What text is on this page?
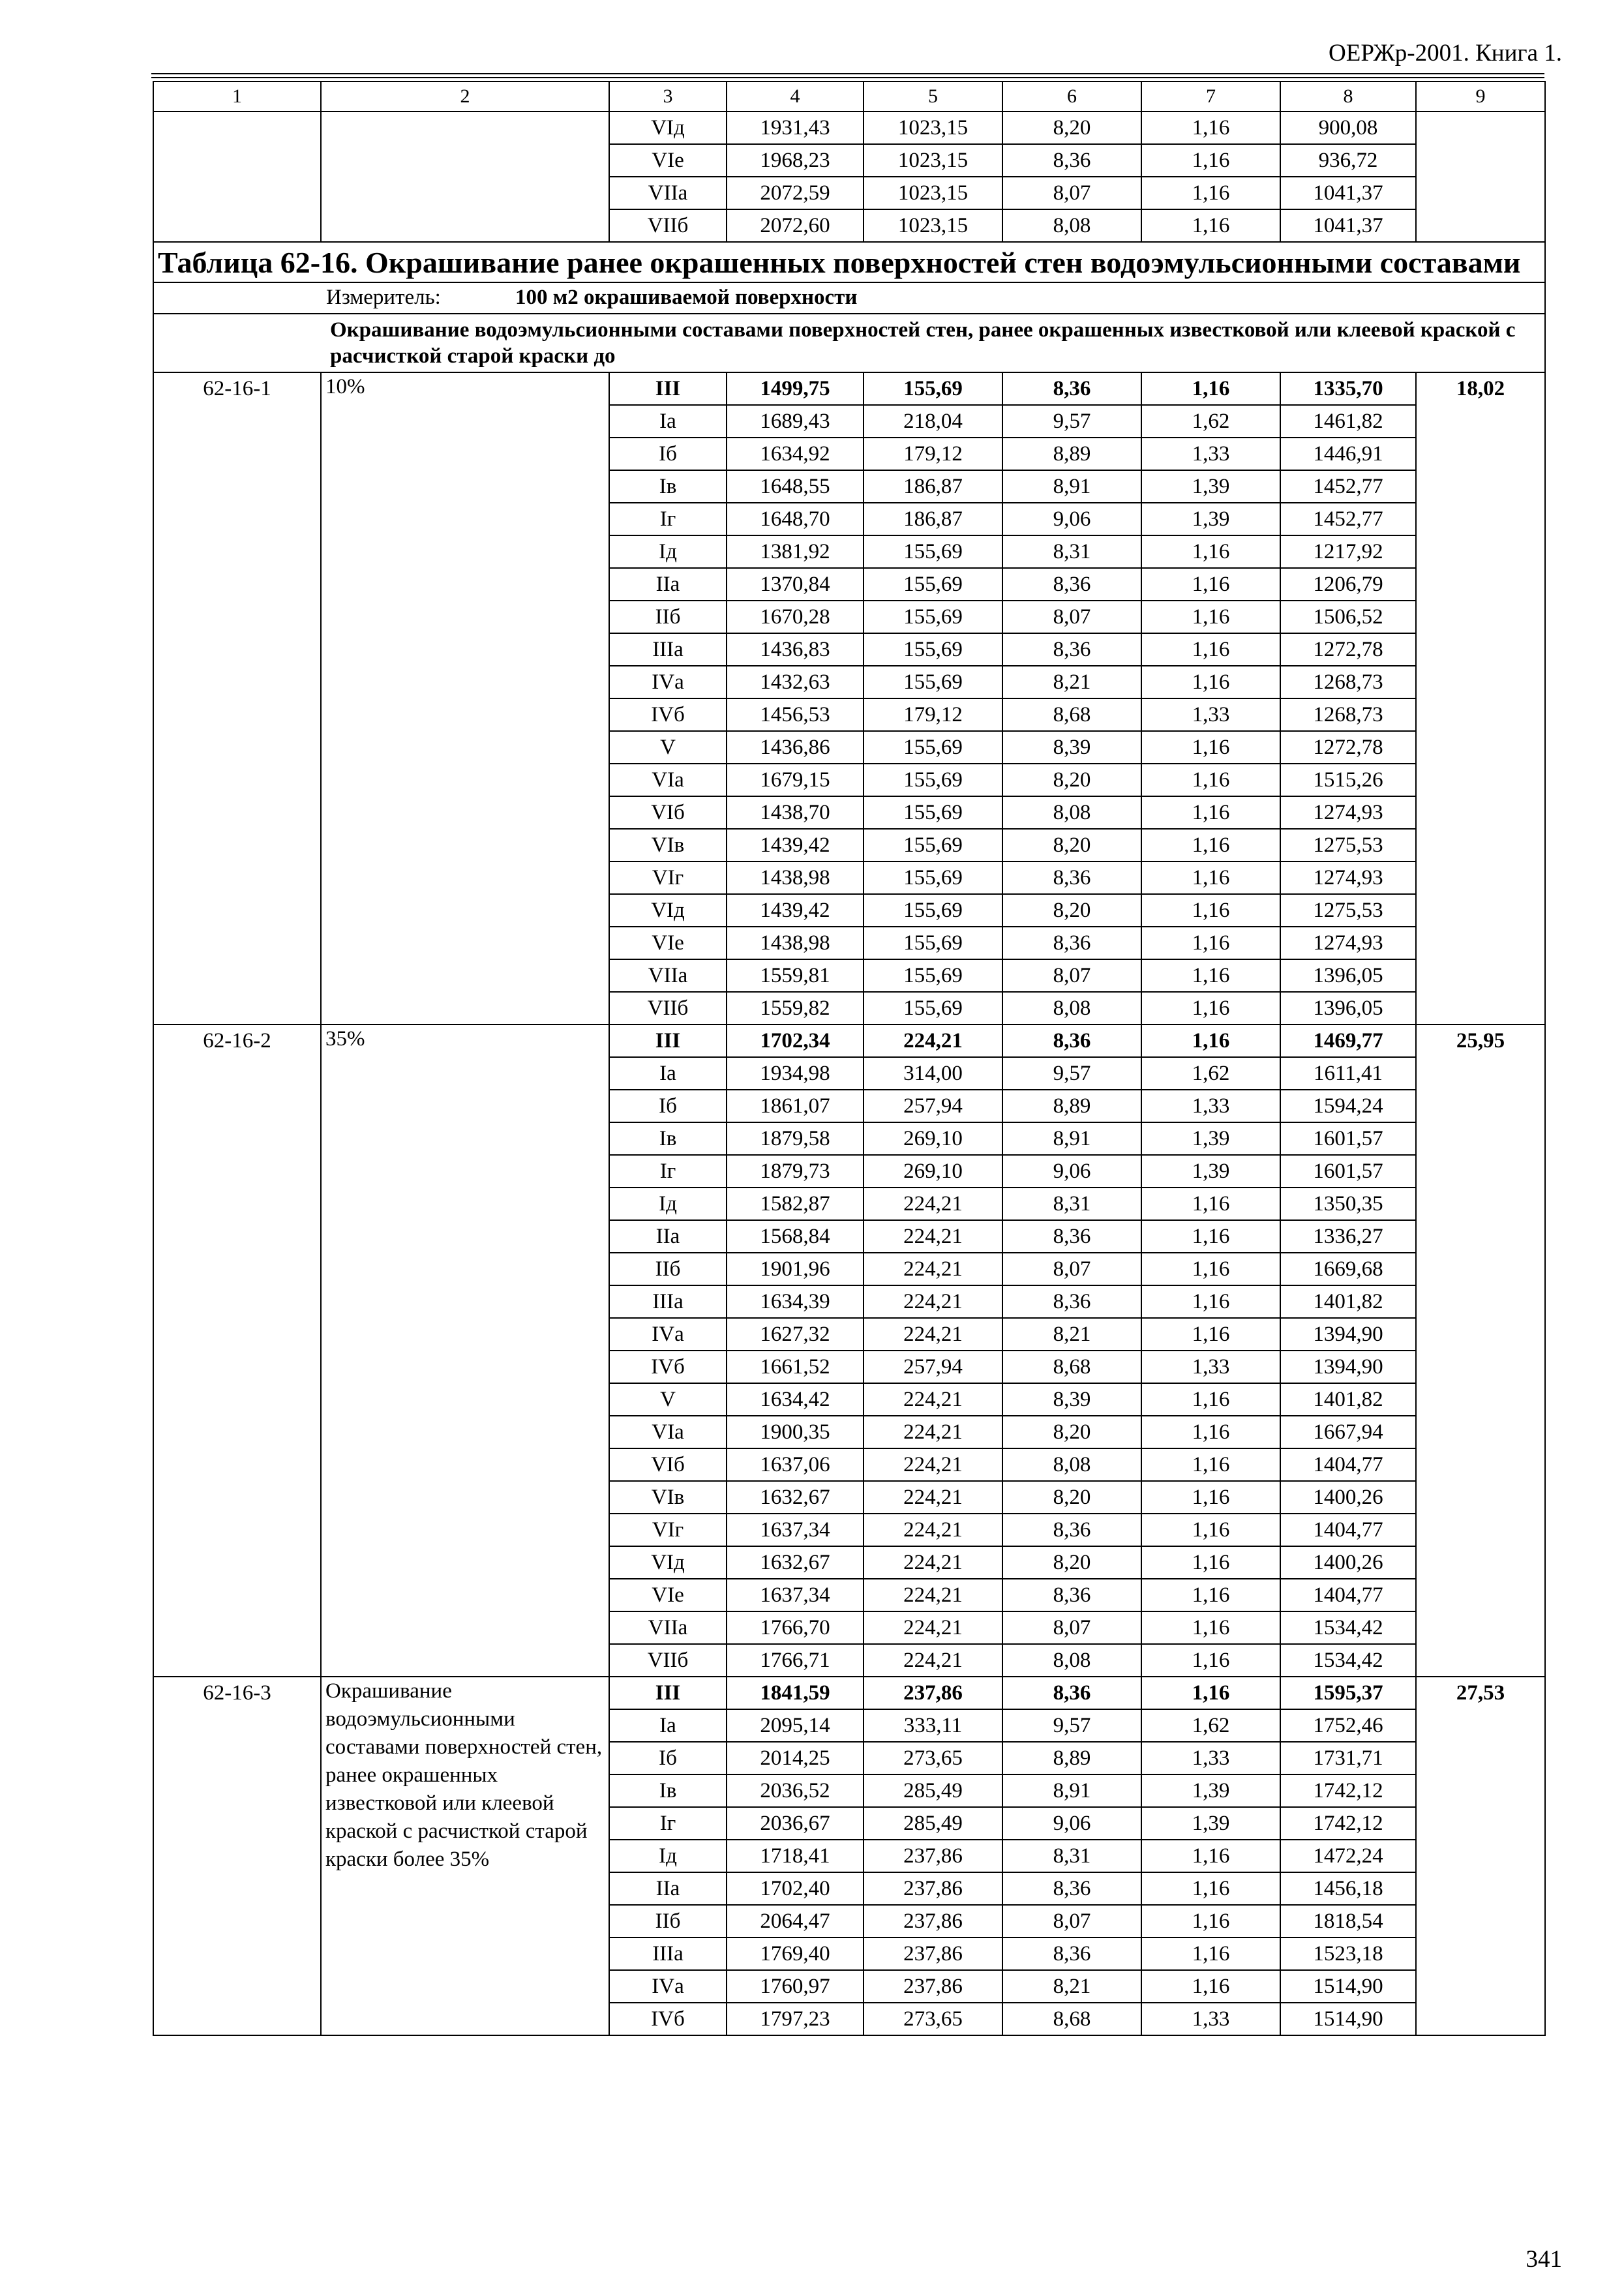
ОЕРЖр-2001. Книга 1.
1	2	3	4	5	6	7	8	9
		VIд	1931,43	1023,15	8,20	1,16	900,08	
		VIе	1968,23	1023,15	8,36	1,16	936,72	
		VIIа	2072,59	1023,15	8,07	1,16	1041,37	
		VIIб	2072,60	1023,15	8,08	1,16	1041,37	
Таблица 62-16. Окрашивание ранее окрашенных поверхностей стен водоэмульсионными составами								
Измеритель: 100 м2 окрашиваемой поверхности								

Окрашивание водоэмульсионными составами поверхностей стен, ранее окрашенных известковой или клеевой краской с расчисткой старой краски до								

62-16-1	10%	III	1499,75	155,69	8,36	1,16	1335,70	18,02
		Iа	1689,43	218,04	9,57	1,62	1461,82	
		Iб	1634,92	179,12	8,89	1,33	1446,91	
		Iв	1648,55	186,87	8,91	1,39	1452,77	
		Iг	1648,70	186,87	9,06	1,39	1452,77	
		Iд	1381,92	155,69	8,31	1,16	1217,92	
		IIа	1370,84	155,69	8,36	1,16	1206,79	
		IIб	1670,28	155,69	8,07	1,16	1506,52	
		IIIа	1436,83	155,69	8,36	1,16	1272,78	
		IVа	1432,63	155,69	8,21	1,16	1268,73	
		IVб	1456,53	179,12	8,68	1,33	1268,73	
		V	1436,86	155,69	8,39	1,16	1272,78	
		VIа	1679,15	155,69	8,20	1,16	1515,26	
		VIб	1438,70	155,69	8,08	1,16	1274,93	
		VIв	1439,42	155,69	8,20	1,16	1275,53	
		VIг	1438,98	155,69	8,36	1,16	1274,93	
		VIд	1439,42	155,69	8,20	1,16	1275,53	
		VIе	1438,98	155,69	8,36	1,16	1274,93	
		VIIа	1559,81	155,69	8,07	1,16	1396,05	
		VIIб	1559,82	155,69	8,08	1,16	1396,05	
62-16-2	35%	III	1702,34	224,21	8,36	1,16	1469,77	25,95
		Iа	1934,98	314,00	9,57	1,62	1611,41	
		Iб	1861,07	257,94	8,89	1,33	1594,24	
		Iв	1879,58	269,10	8,91	1,39	1601,57	
		Iг	1879,73	269,10	9,06	1,39	1601,57	
		Iд	1582,87	224,21	8,31	1,16	1350,35	
		IIа	1568,84	224,21	8,36	1,16	1336,27	
		IIб	1901,96	224,21	8,07	1,16	1669,68	
		IIIа	1634,39	224,21	8,36	1,16	1401,82	
		IVа	1627,32	224,21	8,21	1,16	1394,90	
		IVб	1661,52	257,94	8,68	1,33	1394,90	
		V	1634,42	224,21	8,39	1,16	1401,82	
		VIа	1900,35	224,21	8,20	1,16	1667,94	
		VIб	1637,06	224,21	8,08	1,16	1404,77	
		VIв	1632,67	224,21	8,20	1,16	1400,26	
		VIг	1637,34	224,21	8,36	1,16	1404,77	
		VIд	1632,67	224,21	8,20	1,16	1400,26	
		VIе	1637,34	224,21	8,36	1,16	1404,77	
		VIIа	1766,70	224,21	8,07	1,16	1534,42	
		VIIб	1766,71	224,21	8,08	1,16	1534,42	
62-16-3	Окрашивание водоэмульсионными составами поверхностей стен, ранее окрашенных известковой или клеевой краской с расчисткой старой краски более 35%	III	1841,59	237,86	8,36	1,16	1595,37	27,53
		Iа	2095,14	333,11	9,57	1,62	1752,46	
		Iб	2014,25	273,65	8,89	1,33	1731,71	
		Iв	2036,52	285,49	8,91	1,39	1742,12	
		Iг	2036,67	285,49	9,06	1,39	1742,12	
		Iд	1718,41	237,86	8,31	1,16	1472,24	
		IIа	1702,40	237,86	8,36	1,16	1456,18	
		IIб	2064,47	237,86	8,07	1,16	1818,54	
		IIIа	1769,40	237,86	8,36	1,16	1523,18	
		IVа	1760,97	237,86	8,21	1,16	1514,90	
		IVб	1797,23	273,65	8,68	1,33	1514,90	
341
